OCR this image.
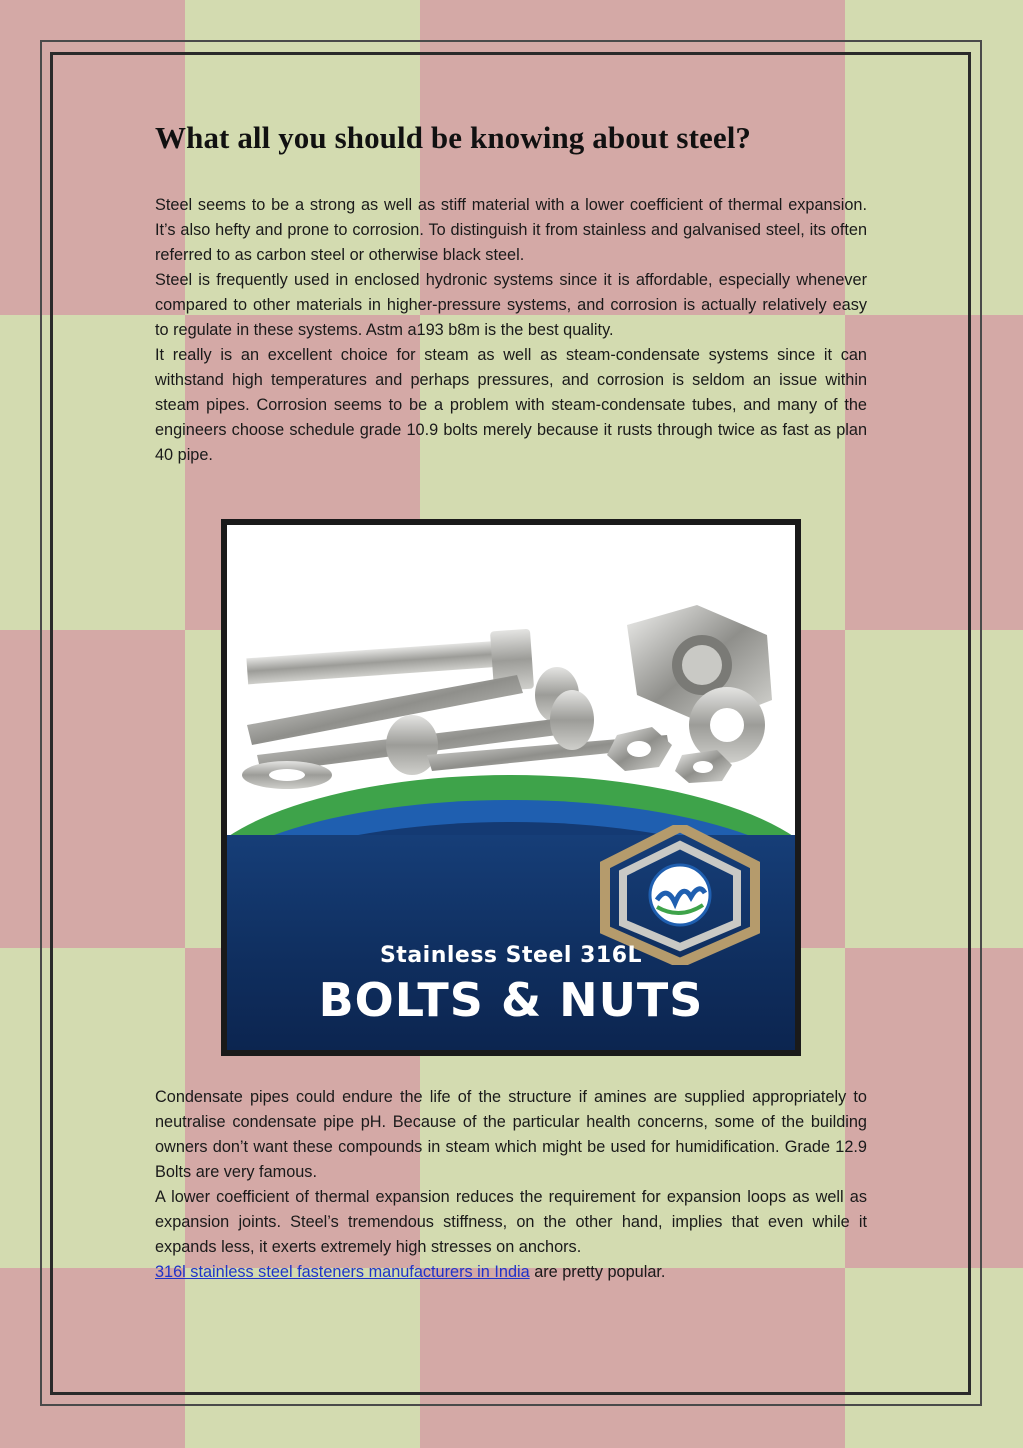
What all you should be knowing about steel?

Steel seems to be a strong as well as stiff material with a lower coefficient of thermal expansion. It’s also hefty and prone to corrosion. To distinguish it from stainless and galvanised steel, its often referred to as carbon steel or otherwise black steel.

Steel is frequently used in enclosed hydronic systems since it is affordable, especially whenever compared to other materials in higher-pressure systems, and corrosion is actually relatively easy to regulate in these systems. Astm a193 b8m is the best quality.

It really is an excellent choice for steam as well as steam-condensate systems since it can withstand high temperatures and perhaps pressures, and corrosion is seldom an issue within steam pipes. Corrosion seems to be a problem with steam-condensate tubes, and many of the engineers choose schedule grade 10.9 bolts merely because it rusts through twice as fast as plan 40 pipe.

Stainless Steel 316L
BOLTS & NUTS

Condensate pipes could endure the life of the structure if amines are supplied appropriately to neutralise condensate pipe pH. Because of the particular health concerns, some of the building owners don’t want these compounds in steam which might be used for humidification. Grade 12.9 Bolts are very famous.

A lower coefficient of thermal expansion reduces the requirement for expansion loops as well as expansion joints. Steel’s tremendous stiffness, on the other hand, implies that even while it expands less, it exerts extremely high stresses on anchors.

316l stainless steel fasteners manufacturers in India are pretty popular.
